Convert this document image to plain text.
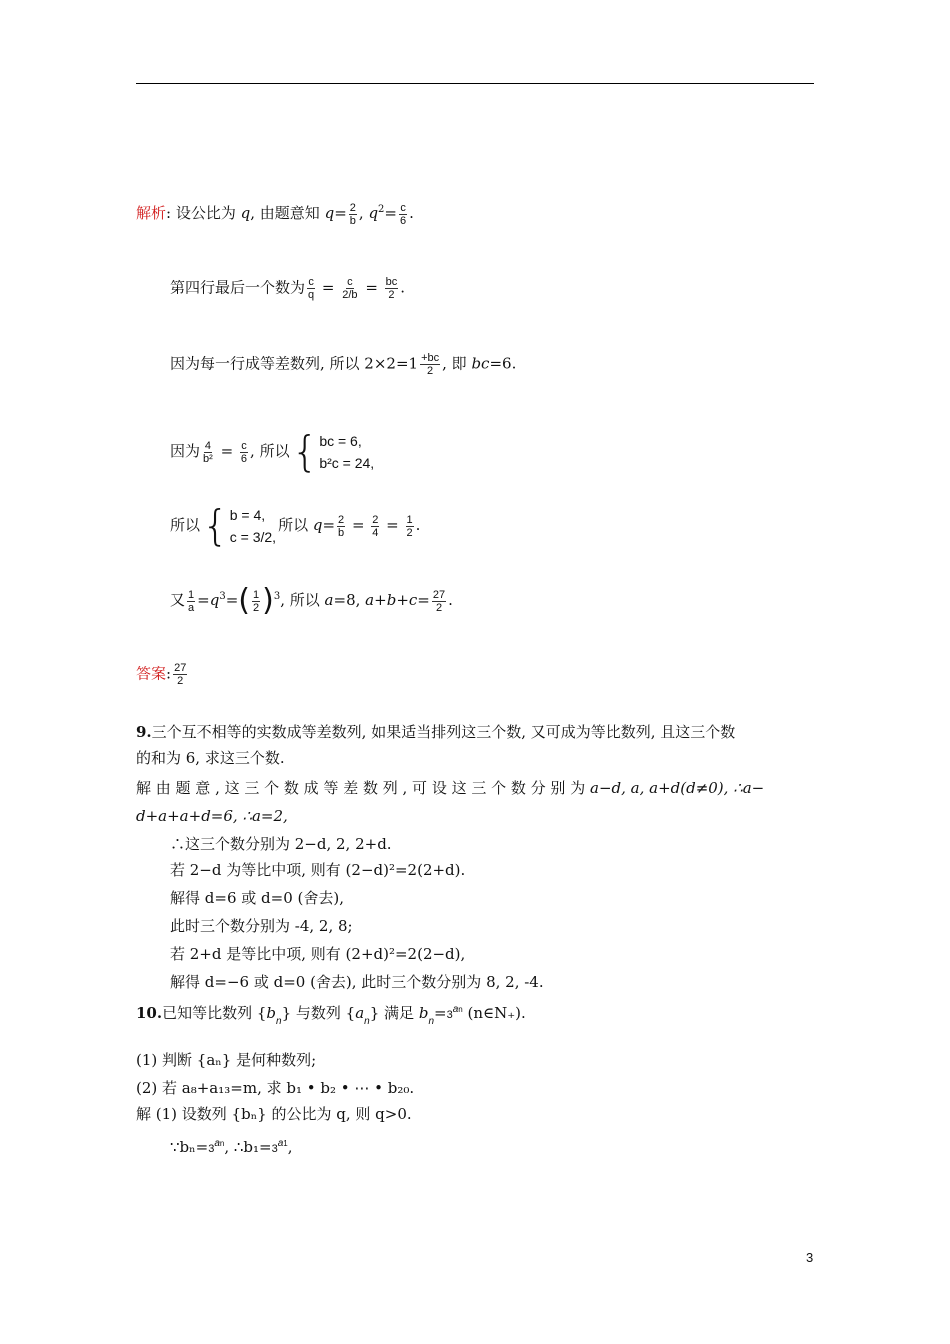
解析: 设公比为 q, 由题意知 $q= \frac{2}{b}$ , $q^2= \frac{c}{6}$ .
第四行最后一个数为 $\frac{c}{q} = \frac{c}{2/b} = \frac{bc}{2}$ .
因为每一行成等差数列, 所以 $2\times 2=1 \frac{+bc}{2}$ , 即 bc=6.
因为 $\frac{4}{\text{b²}} = \frac{c}{6}$ , 所以 { bc = 6,
b²c = 24,
所以 { b = 4,
c = 3/2,
所以 $q= \frac{2}{b} = \frac{2}{4} = \frac{1}{2}$ .
又 $\frac{1}{a} =q^3=( \frac{1}{2} )^3$, 所以 a=8, $a+b+c= \frac{27}{2}$ .
答案: $\frac{27}{2}$
9.三个互不相等的实数成等差数列, 如果适当排列这三个数, 又可成为等比数列, 且这三个数
的和为 6, 求这三个数.
解 由 题 意 , 这 三 个 数 成 等 差 数 列 , 可 设 这 三 个 数 分 别 为 a−d, a, a+d(d≠0), ∴a−
d+a+a+d=6, ∴a=2,
∴这三个数分别为 2−d, 2, 2+d.
若 2−d 为等比中项, 则有 (2−d)²=2(2+d).
解得 d=6 或 d=0 (舍去),
此时三个数分别为 -4, 2, 8;
若 2+d 是等比中项, 则有 (2+d)²=2(2−d),
解得 d=−6 或 d=0 (舍去), 此时三个数分别为 8, 2, -4.
10.已知等比数列 $\{b_n\}$ 与数列 $\{a_n\}$ 满足 $b_n=3an$ (n∈N₊).
(1) 判断 {aₙ} 是何种数列;
(2) 若 a₈+a₁₃=m, 求 b₁ • b₂ • ⋯ • b₂₀.
解 (1) 设数列 {bₙ} 的公比为 q, 则 q>0.
∵bₙ=3an, ∴b₁=3a1,
3
